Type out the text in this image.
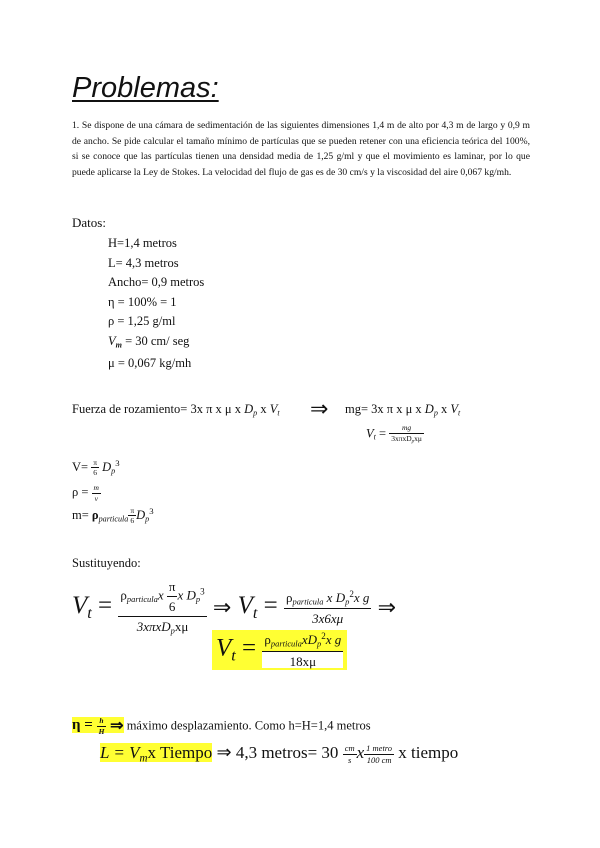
Problemas:
1. Se dispone de una cámara de sedimentación de las siguientes dimensiones 1,4 m de alto por 4,3 m de largo y 0,9 m de ancho. Se pide calcular el tamaño mínimo de partículas que se pueden retener con una eficiencia teórica del 100%, si se conoce que las partículas tienen una densidad media de 1,25 g/ml y que el movimiento es laminar, por lo que puede aplicarse la Ley de Stokes. La velocidad del flujo de gas es de 30 cm/s y la viscosidad del aire 0,067 kg/mh.
Datos:
H=1,4 metros
L= 4,3 metros
Ancho= 0,9 metros
η = 100% = 1
ρ = 1,25 g/ml
$V_m = 30$ cm/ seg
μ = 0,067 kg/mh
Fuerza de rozamiento= 3x π x μ x $D_p$ x $V_t$ ⇒ mg= 3x π x μ x $D_p$ x $V_t$
$V_t = \frac{mg}{3x\pi xD_px\mu}$
$V= \frac{\pi}{6} D_p^3$
$\rho = \frac{m}{v}$
$m= \rho_{particula} \frac{\pi}{6} D_p^3$
Sustituyendo:
$V_t = \frac{\rho_{particula}x \frac{\pi}{6} x D_p^3}{3x\pi xD_px\mu}$ ⇒ $V_t = \frac{\rho_{particula} x D_p^2x g}{3x6x\mu}$ ⇒
$V_t = \frac{\rho_{particula}xD_p^2x g}{18x\mu}$
$\eta = \frac{h}{H}$ ⇒ máximo desplazamiento. Como h=H=1,4 metros
$L = V_mx$ Tiempo ⇒ 4,3 metros= $30 \frac{cm}{s}$ x $\frac{\text{1 metro}}{100 cm}$ x tiempo
